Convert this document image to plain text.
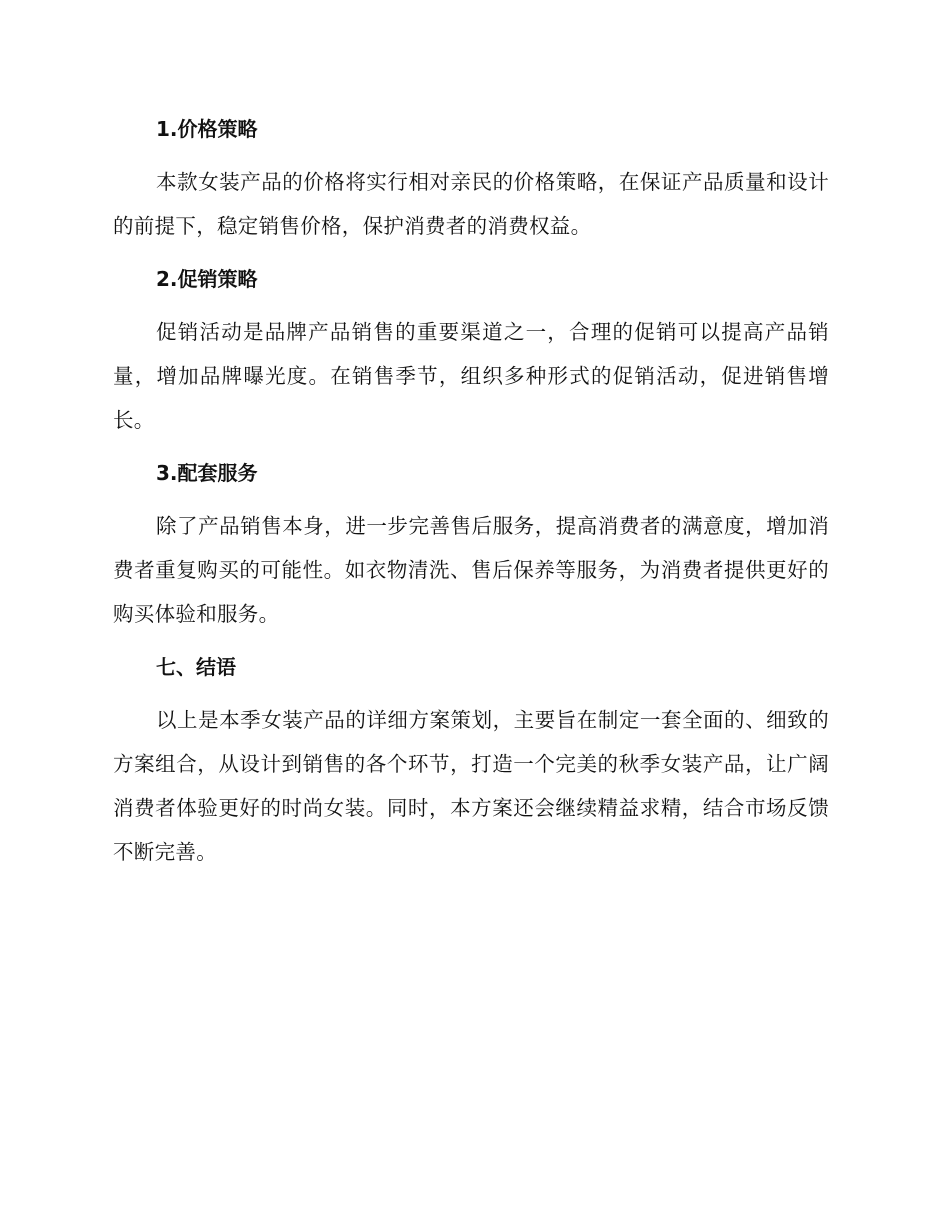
1.价格策略

本款女装产品的价格将实行相对亲民的价格策略，在保证产品质量和设计的前提下，稳定销售价格，保护消费者的消费权益。

2.促销策略

促销活动是品牌产品销售的重要渠道之一，合理的促销可以提高产品销量，增加品牌曝光度。在销售季节，组织多种形式的促销活动，促进销售增长。

3.配套服务

除了产品销售本身，进一步完善售后服务，提高消费者的满意度，增加消费者重复购买的可能性。如衣物清洗、售后保养等服务，为消费者提供更好的购买体验和服务。

七、结语

以上是本季女装产品的详细方案策划，主要旨在制定一套全面的、细致的方案组合，从设计到销售的各个环节，打造一个完美的秋季女装产品，让广阔消费者体验更好的时尚女装。同时，本方案还会继续精益求精，结合市场反馈不断完善。
